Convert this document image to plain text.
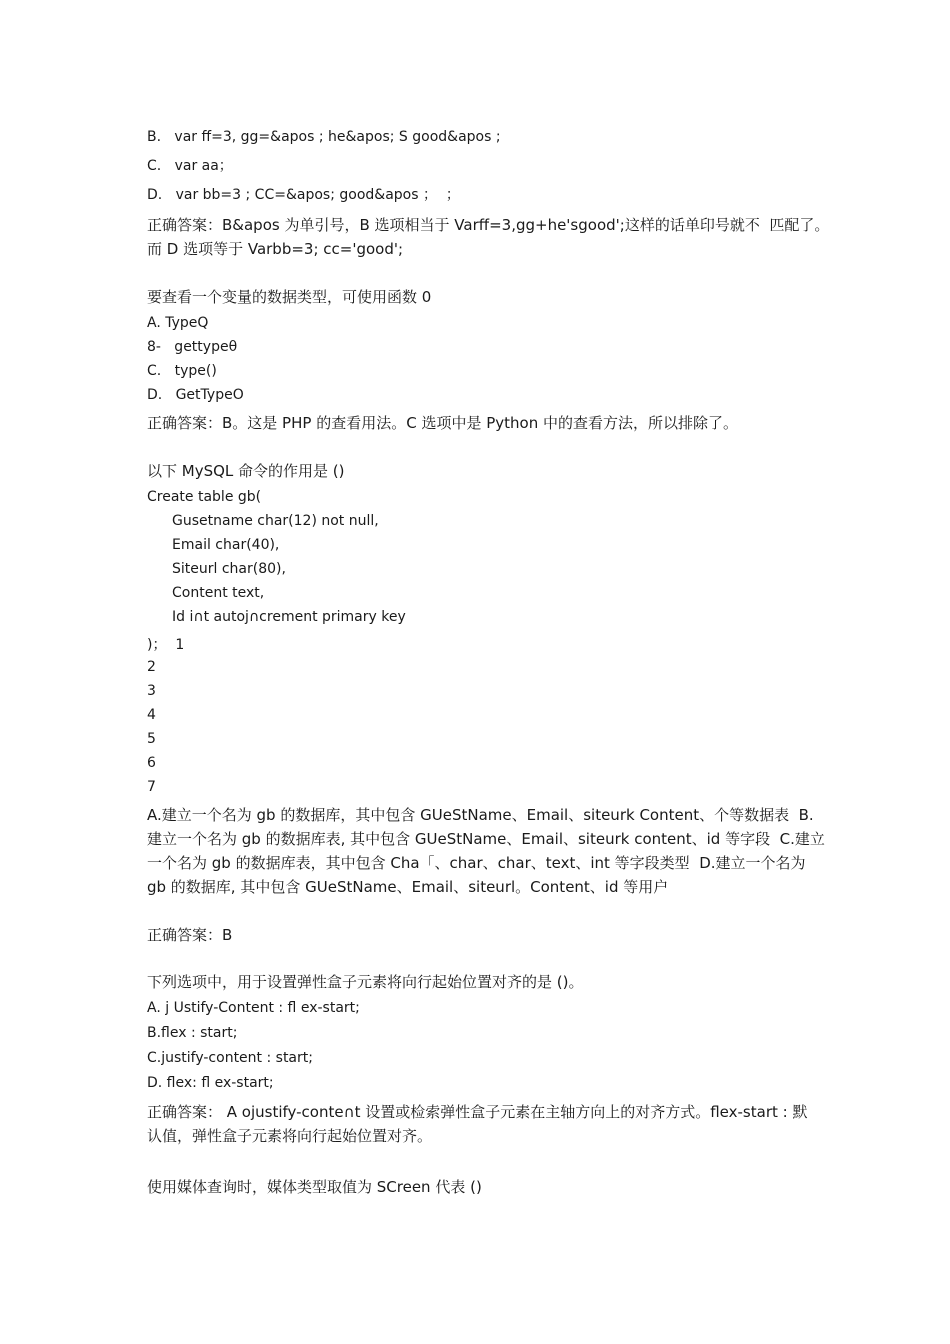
B.   var ff=3, gg=&apos ; he&apos; S good&apos ;
C.   var aa；
D.   var bb=3 ; CC=&apos; good&apos ；  ；
正确答案：B&apos 为单引号，B 选项相当于 Varff=3,gg+he'sgood';这样的话单印号就不  匹配了。
而 D 选项等于 Varbb=3; cc='good';
要查看一个变量的数据类型，可使用函数 0
A. TypeQ
8-   gettypeθ
C.   type()
D.   GetTypeO
正确答案：B。这是 PHP 的查看用法。C 选项中是 Python 中的查看方法，所以排除了。
以下 MySQL 命令的作用是 ()
Create table gb(
Gusetname char(12) not null,
Email char(40),
Siteurl char(80),
Content text,
Id i∩t autoj∩crement primary key
)；  1
2
3
4
5
6
7
A.建立一个名为 gb 的数据库，其中包含 GUeStName、Email、siteurk Content、个等数据表  B.
建立一个名为 gb 的数据库表, 其中包含 GUeStName、Email、siteurk content、id 等字段  C.建立
一个名为 gb 的数据库表，其中包含 Cha「、char、char、text、int 等字段类型  D.建立一个名为
gb 的数据库, 其中包含 GUeStName、Email、siteurl。Content、id 等用户
正确答案：B
下列选项中，用于设置弹性盒子元素将向行起始位置对齐的是 ()。
A. j Ustify-Content : fl ex-start;
B.flex : start;
C.justify-content : start;
D. flex: fl ex-start;
正确答案： A ojustify-conte∩t 设置或检索弹性盒子元素在主轴方向上的对齐方式。flex-start : 默
认值，弹性盒子元素将向行起始位置对齐。
使用媒体查询时，媒体类型取值为 SCreen 代表 ()
